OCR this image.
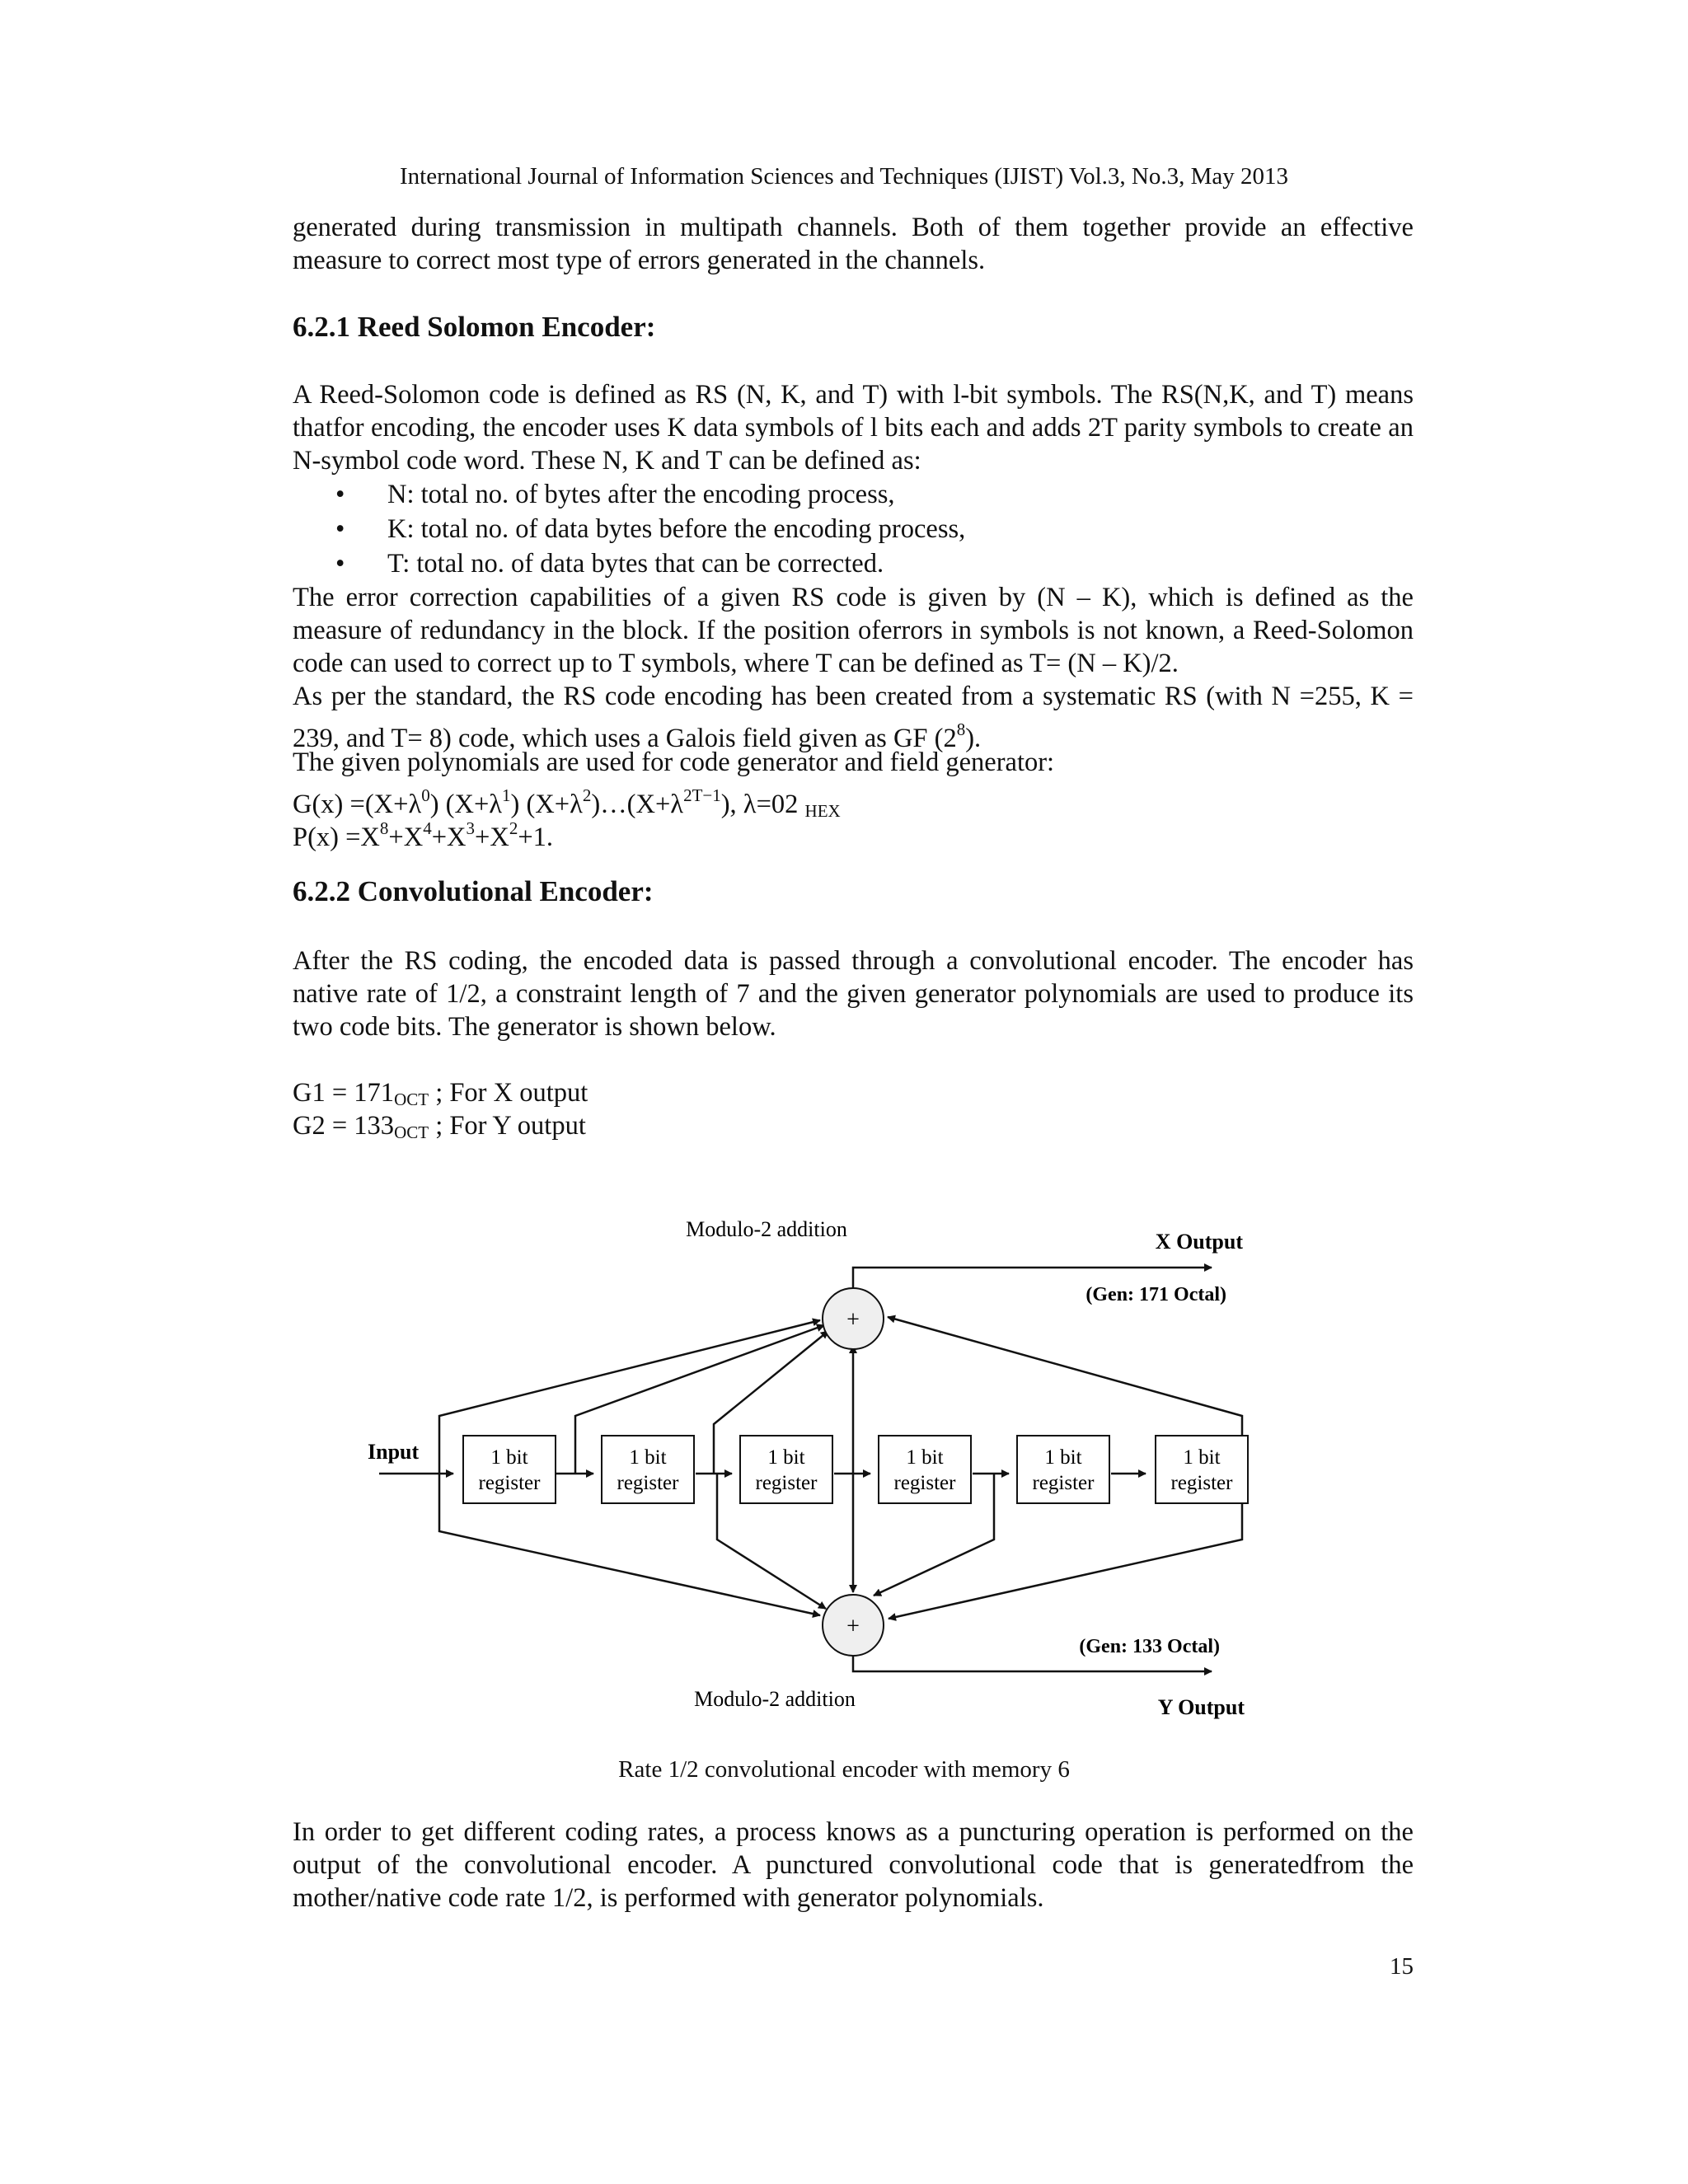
International Journal of Information Sciences and Techniques (IJIST) Vol.3, No.3, May 2013
generated during transmission in multipath channels. Both of them together provide an effective measure to correct most type of errors generated in the channels.
6.2.1 Reed Solomon Encoder:
A Reed-Solomon code is defined as RS (N, K, and T) with l-bit symbols. The RS(N,K, and T) means thatfor encoding, the encoder uses K data symbols of l bits each and adds 2T parity symbols to create an N-symbol code word. These N, K and T can be defined as:
• N: total no. of bytes after the encoding process,
• K: total no. of data bytes before the encoding process,
• T: total no. of data bytes that can be corrected.
The error correction capabilities of a given RS code is given by (N – K), which is defined as the measure of redundancy in the block. If the position oferrors in symbols is not known, a Reed-Solomon code can used to correct up to T symbols, where T can be defined as T= (N – K)/2.
As per the standard, the RS code encoding has been created from a systematic RS (with N =255, K = 239, and T= 8) code, which uses a Galois field given as GF $(2^8)$.
The given polynomials are used for code generator and field generator:
$G(x) =(X+\lambda^0)$ $(X+\lambda^1)$ $(X+\lambda^2)\dots(X+\lambda^{2T-1})$, λ=02 $_{HEX}$
$P(x) =X^8+X^4+X^3+X^2+1$.
6.2.2 Convolutional Encoder:
After the RS coding, the encoded data is passed through a convolutional encoder. The encoder has native rate of 1/2, a constraint length of 7 and the given generator polynomials are used to produce its two code bits. The generator is shown below.
$G1 = 171_{OCT}$ ; For X output
$G2 = 133_{OCT}$ ; For Y output
1 bit
register
1 bit
register
1 bit
register
1 bit
register
1 bit
register
1 bit
register
+
+
Modulo-2 addition
Modulo-2 addition
X Output
(Gen: 171 Octal)
(Gen: 133 Octal)
Y Output
Input
Rate 1/2 convolutional encoder with memory 6
In order to get different coding rates, a process knows as a puncturing operation is performed on the output of the convolutional encoder. A punctured convolutional code that is generatedfrom the mother/native code rate 1/2, is performed with generator polynomials.
15
